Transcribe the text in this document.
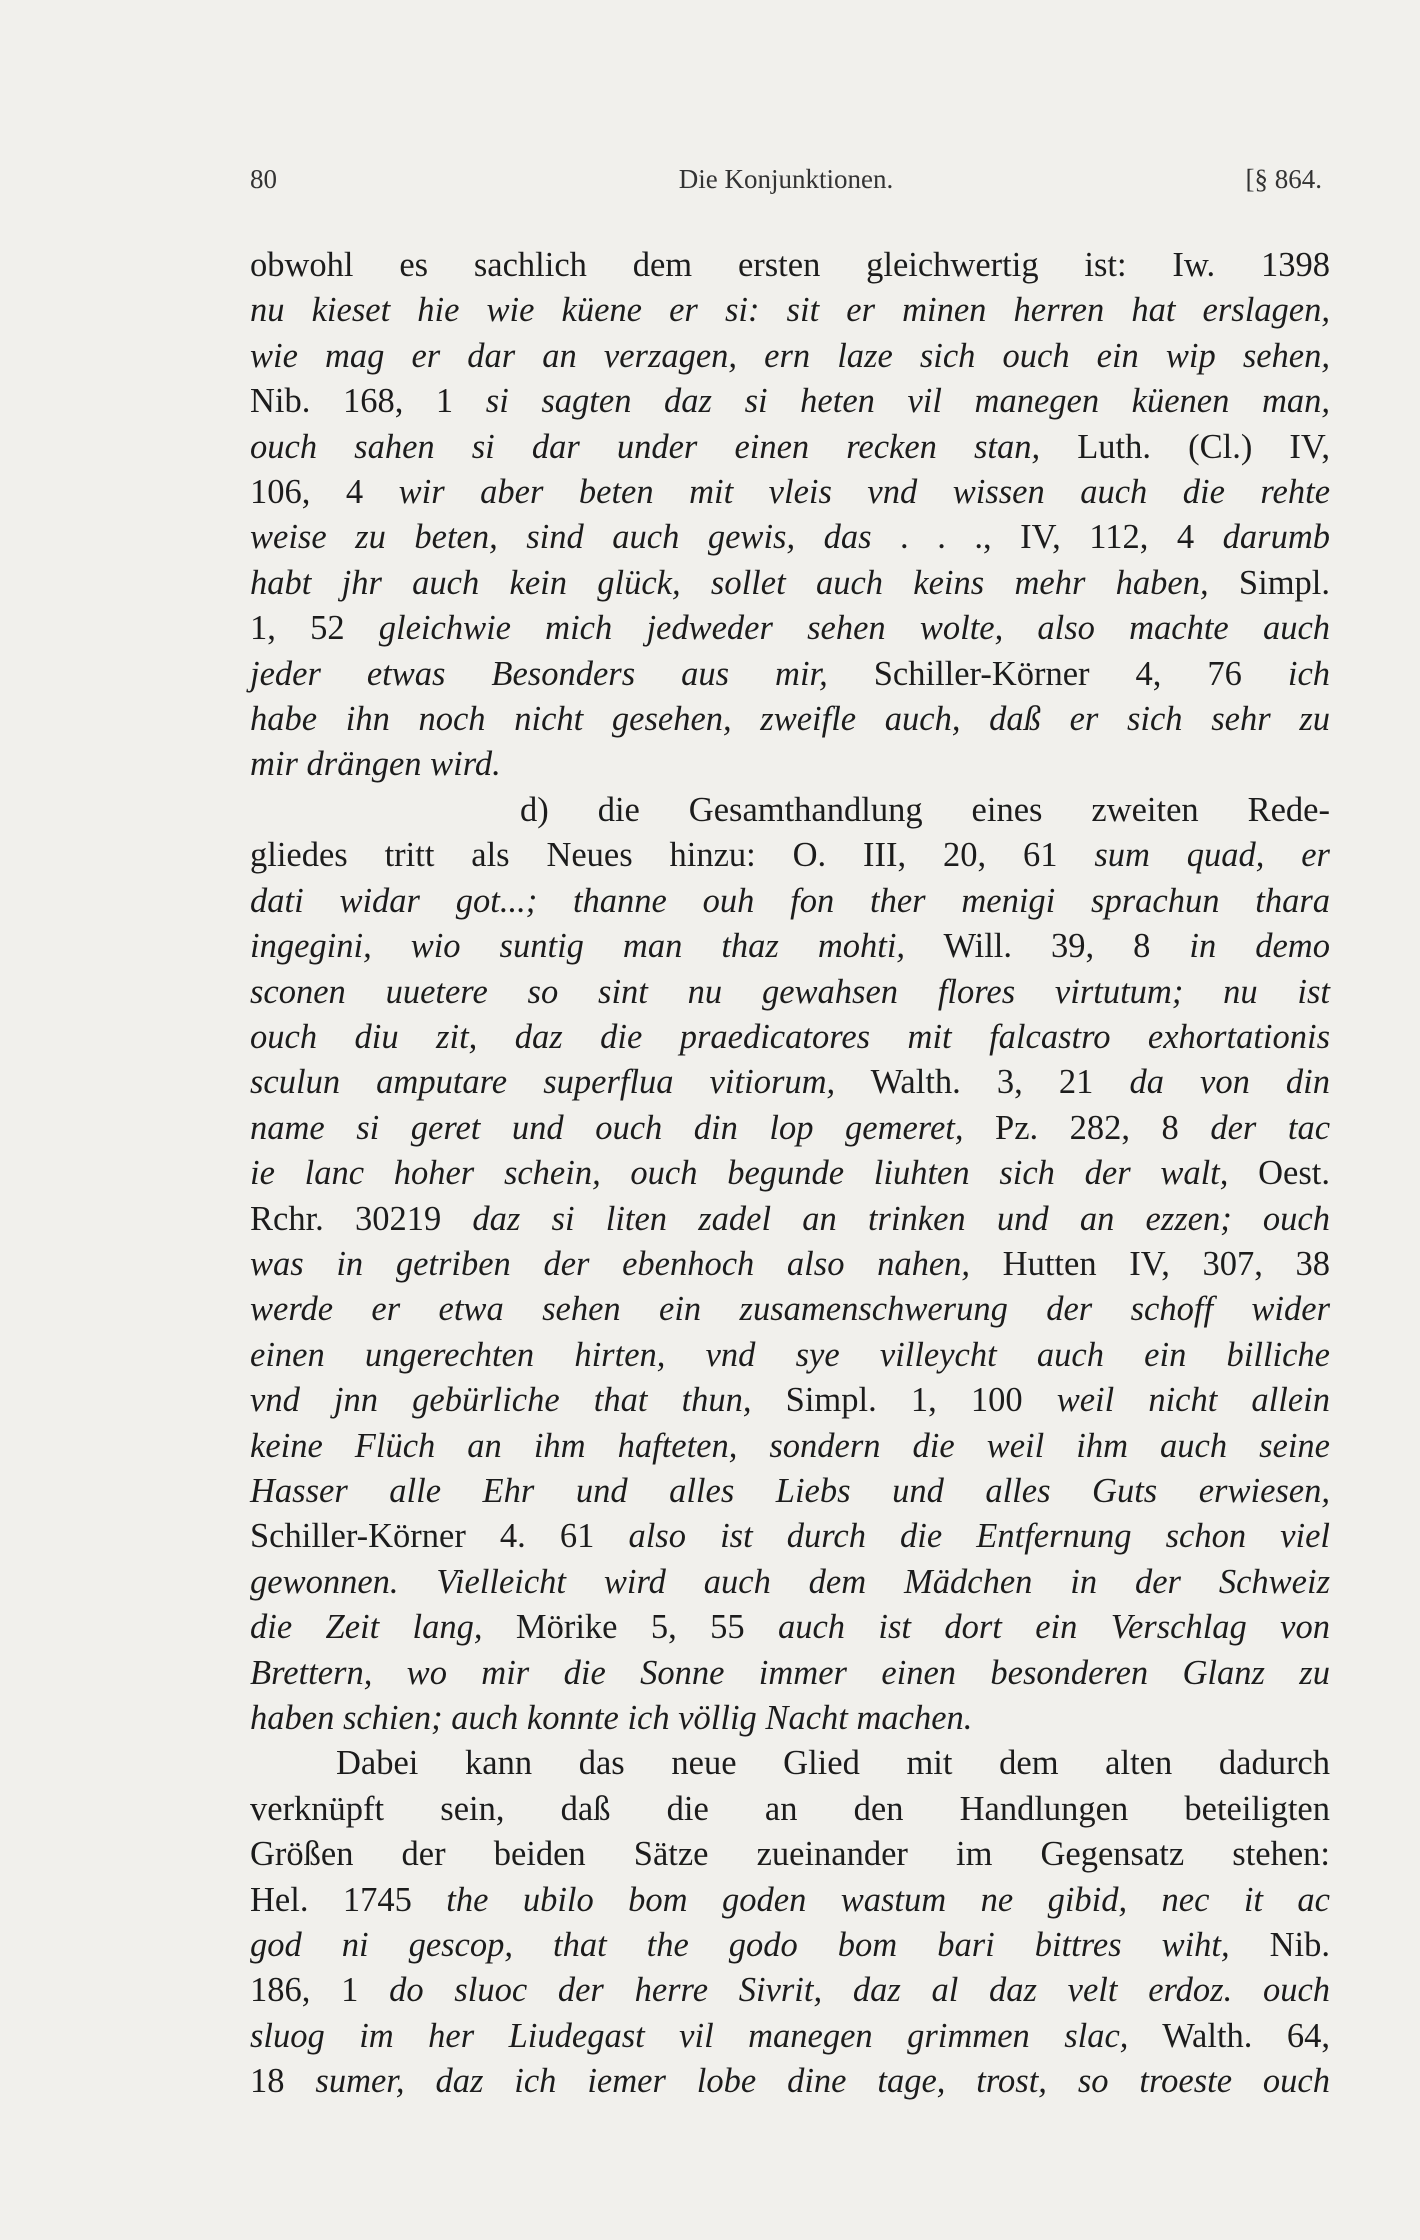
80	Die Konjunktionen.	[§ 864.
obwohl es sachlich dem ersten gleichwertig ist: Iw. 1398
nu kieset hie wie küene er si: sit er minen herren hat erslagen,
wie mag er dar an verzagen, ern laze sich ouch ein wip sehen,
Nib. 168, 1 si sagten daz si heten vil manegen küenen man,
ouch sahen si dar under einen recken stan, Luth. (Cl.) IV,
106, 4 wir aber beten mit vleis vnd wissen auch die rehte
weise zu beten, sind auch gewis, das . . ., IV, 112, 4 darumb
habt jhr auch kein glück, sollet auch keins mehr haben, Simpl.
1, 52 gleichwie mich jedweder sehen wolte, also machte auch
jeder etwas Besonders aus mir, Schiller-Körner 4, 76 ich
habe ihn noch nicht gesehen, zweifle auch, daß er sich sehr zu
mir drängen wird.
d) die Gesamthandlung eines zweiten Rede-
gliedes tritt als Neues hinzu: O. III, 20, 61 sum quad, er
dati widar got...; thanne ouh fon ther menigi sprachun thara
ingegini, wio suntig man thaz mohti, Will. 39, 8 in demo
sconen uuetere so sint nu gewahsen flores virtutum; nu ist
ouch diu zit, daz die praedicatores mit falcastro exhortationis
sculun amputare superflua vitiorum, Walth. 3, 21 da von din
name si geret und ouch din lop gemeret, Pz. 282, 8 der tac
ie lanc hoher schein, ouch begunde liuhten sich der walt, Oest.
Rchr. 30219 daz si liten zadel an trinken und an ezzen; ouch
was in getriben der ebenhoch also nahen, Hutten IV, 307, 38
werde er etwa sehen ein zusamenschwerung der schoff wider
einen ungerechten hirten, vnd sye villeycht auch ein billiche
vnd jnn gebürliche that thun, Simpl. 1, 100 weil nicht allein
keine Flüch an ihm hafteten, sondern die weil ihm auch seine
Hasser alle Ehr und alles Liebs und alles Guts erwiesen,
Schiller-Körner 4. 61 also ist durch die Entfernung schon viel
gewonnen. Vielleicht wird auch dem Mädchen in der Schweiz
die Zeit lang, Mörike 5, 55 auch ist dort ein Verschlag von
Brettern, wo mir die Sonne immer einen besonderen Glanz zu
haben schien; auch konnte ich völlig Nacht machen.
Dabei kann das neue Glied mit dem alten dadurch
verknüpft sein, daß die an den Handlungen beteiligten
Größen der beiden Sätze zueinander im Gegensatz stehen:
Hel. 1745 the ubilo bom goden wastum ne gibid, nec it ac
god ni gescop, that the godo bom bari bittres wiht, Nib.
186, 1 do sluoc der herre Sivrit, daz al daz velt erdoz. ouch
sluog im her Liudegast vil manegen grimmen slac, Walth. 64,
18 sumer, daz ich iemer lobe dine tage, trost, so troeste ouch
